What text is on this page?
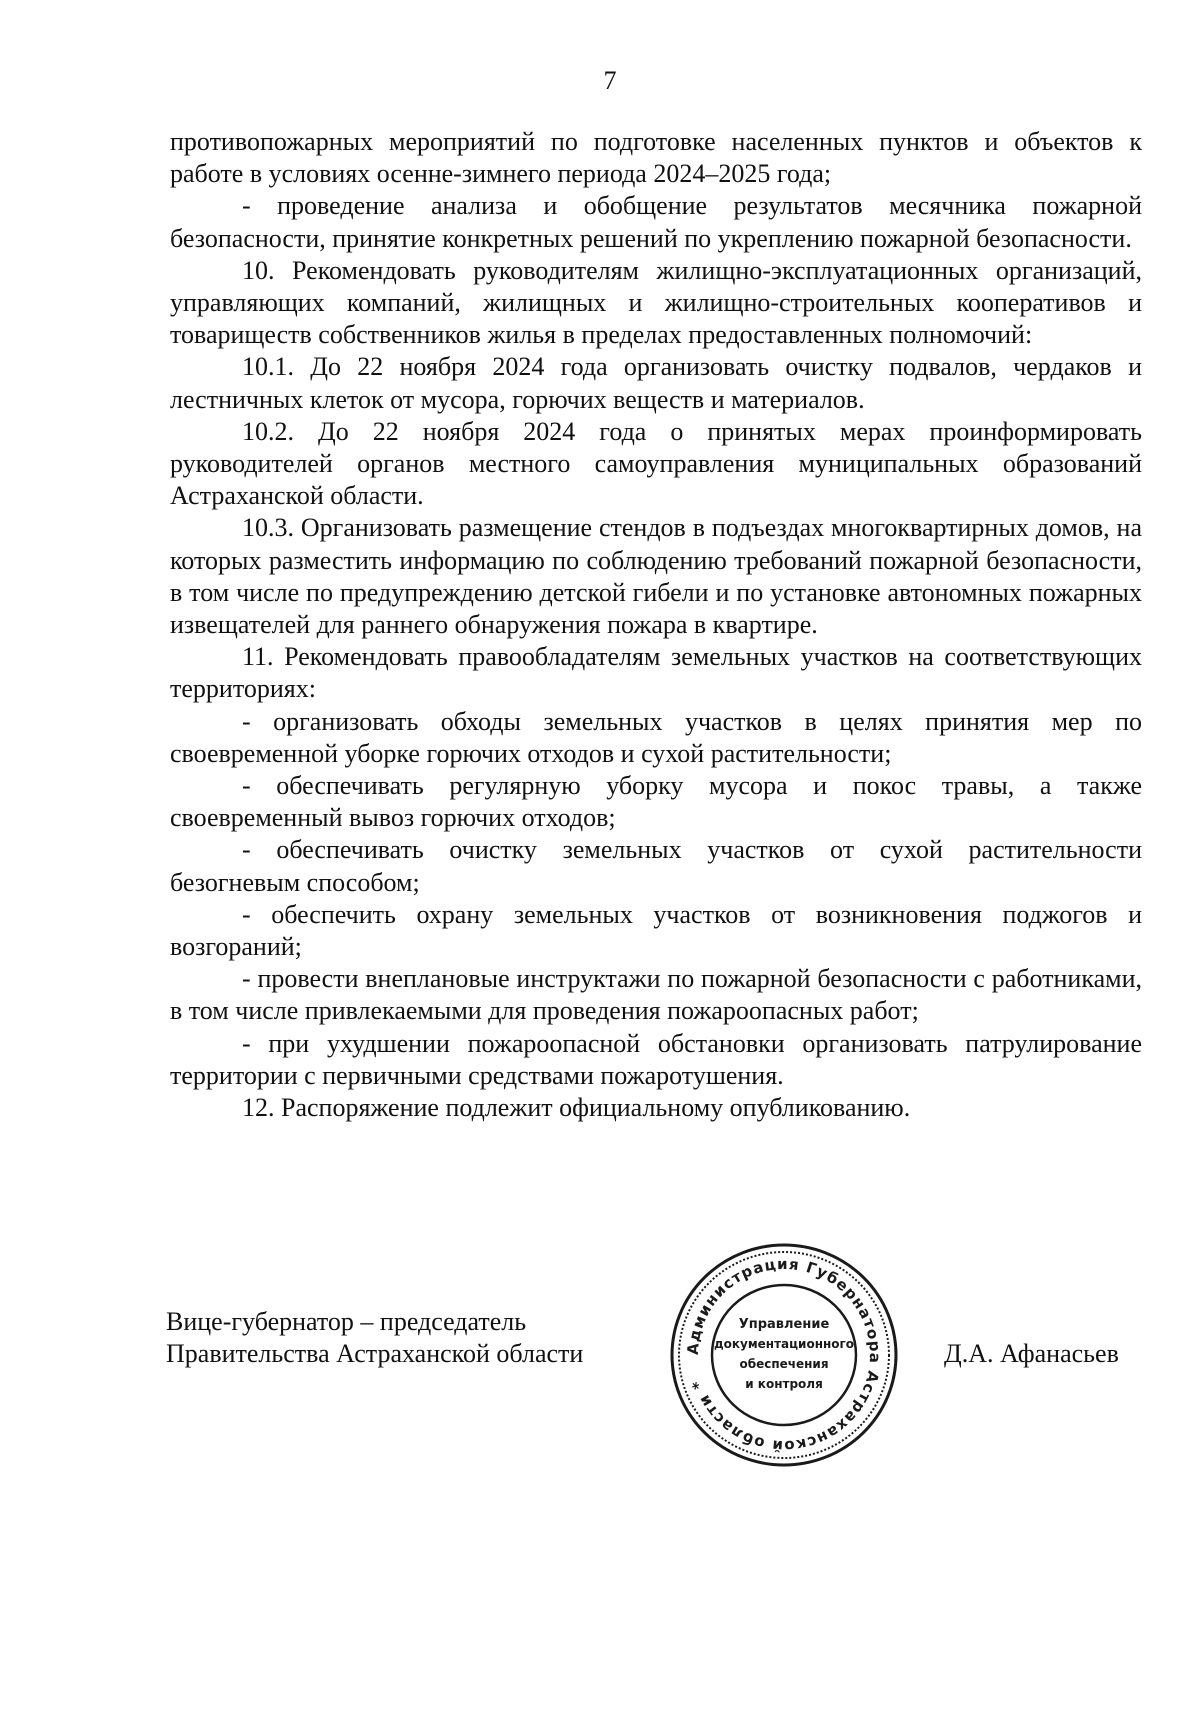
7

противопожарных мероприятий по подготовке населенных пунктов и объектов к работе в условиях осенне-зимнего периода 2024–2025 года;

- проведение анализа и обобщение результатов месячника пожарной безопасности, принятие конкретных решений по укреплению пожарной безопасности.

10. Рекомендовать руководителям жилищно-эксплуатационных организаций, управляющих компаний, жилищных и жилищно-строительных кооперативов и товариществ собственников жилья в пределах предоставленных полномочий:

10.1. До 22 ноября 2024 года организовать очистку подвалов, чердаков и лестничных клеток от мусора, горючих веществ и материалов.

10.2. До 22 ноября 2024 года о принятых мерах проинформировать руководителей органов местного самоуправления муниципальных образований Астраханской области.

10.3. Организовать размещение стендов в подъездах многоквартирных домов, на которых разместить информацию по соблюдению требований пожарной безопасности, в том числе по предупреждению детской гибели и по установке автономных пожарных извещателей для раннего обнаружения пожара в квартире.

11. Рекомендовать правообладателям земельных участков на соответствующих территориях:

- организовать обходы земельных участков в целях принятия мер по своевременной уборке горючих отходов и сухой растительности;

- обеспечивать регулярную уборку мусора и покос травы, а также своевременный вывоз горючих отходов;

- обеспечивать очистку земельных участков от сухой растительности безогневым способом;

- обеспечить охрану земельных участков от возникновения поджогов и возгораний;

- провести внеплановые инструктажи по пожарной безопасности с работниками, в том числе привлекаемыми для проведения пожароопасных работ;

- при ухудшении пожароопасной обстановки организовать патрулирование территории с первичными средствами пожаротушения.

12. Распоряжение подлежит официальному опубликованию.

Вице-губернатор – председатель
Правительства Астраханской области	Администрация Губернатора Астраханской области *
Управление
документационного
обеспечения
и контроля
Д.А. Афанасьев
